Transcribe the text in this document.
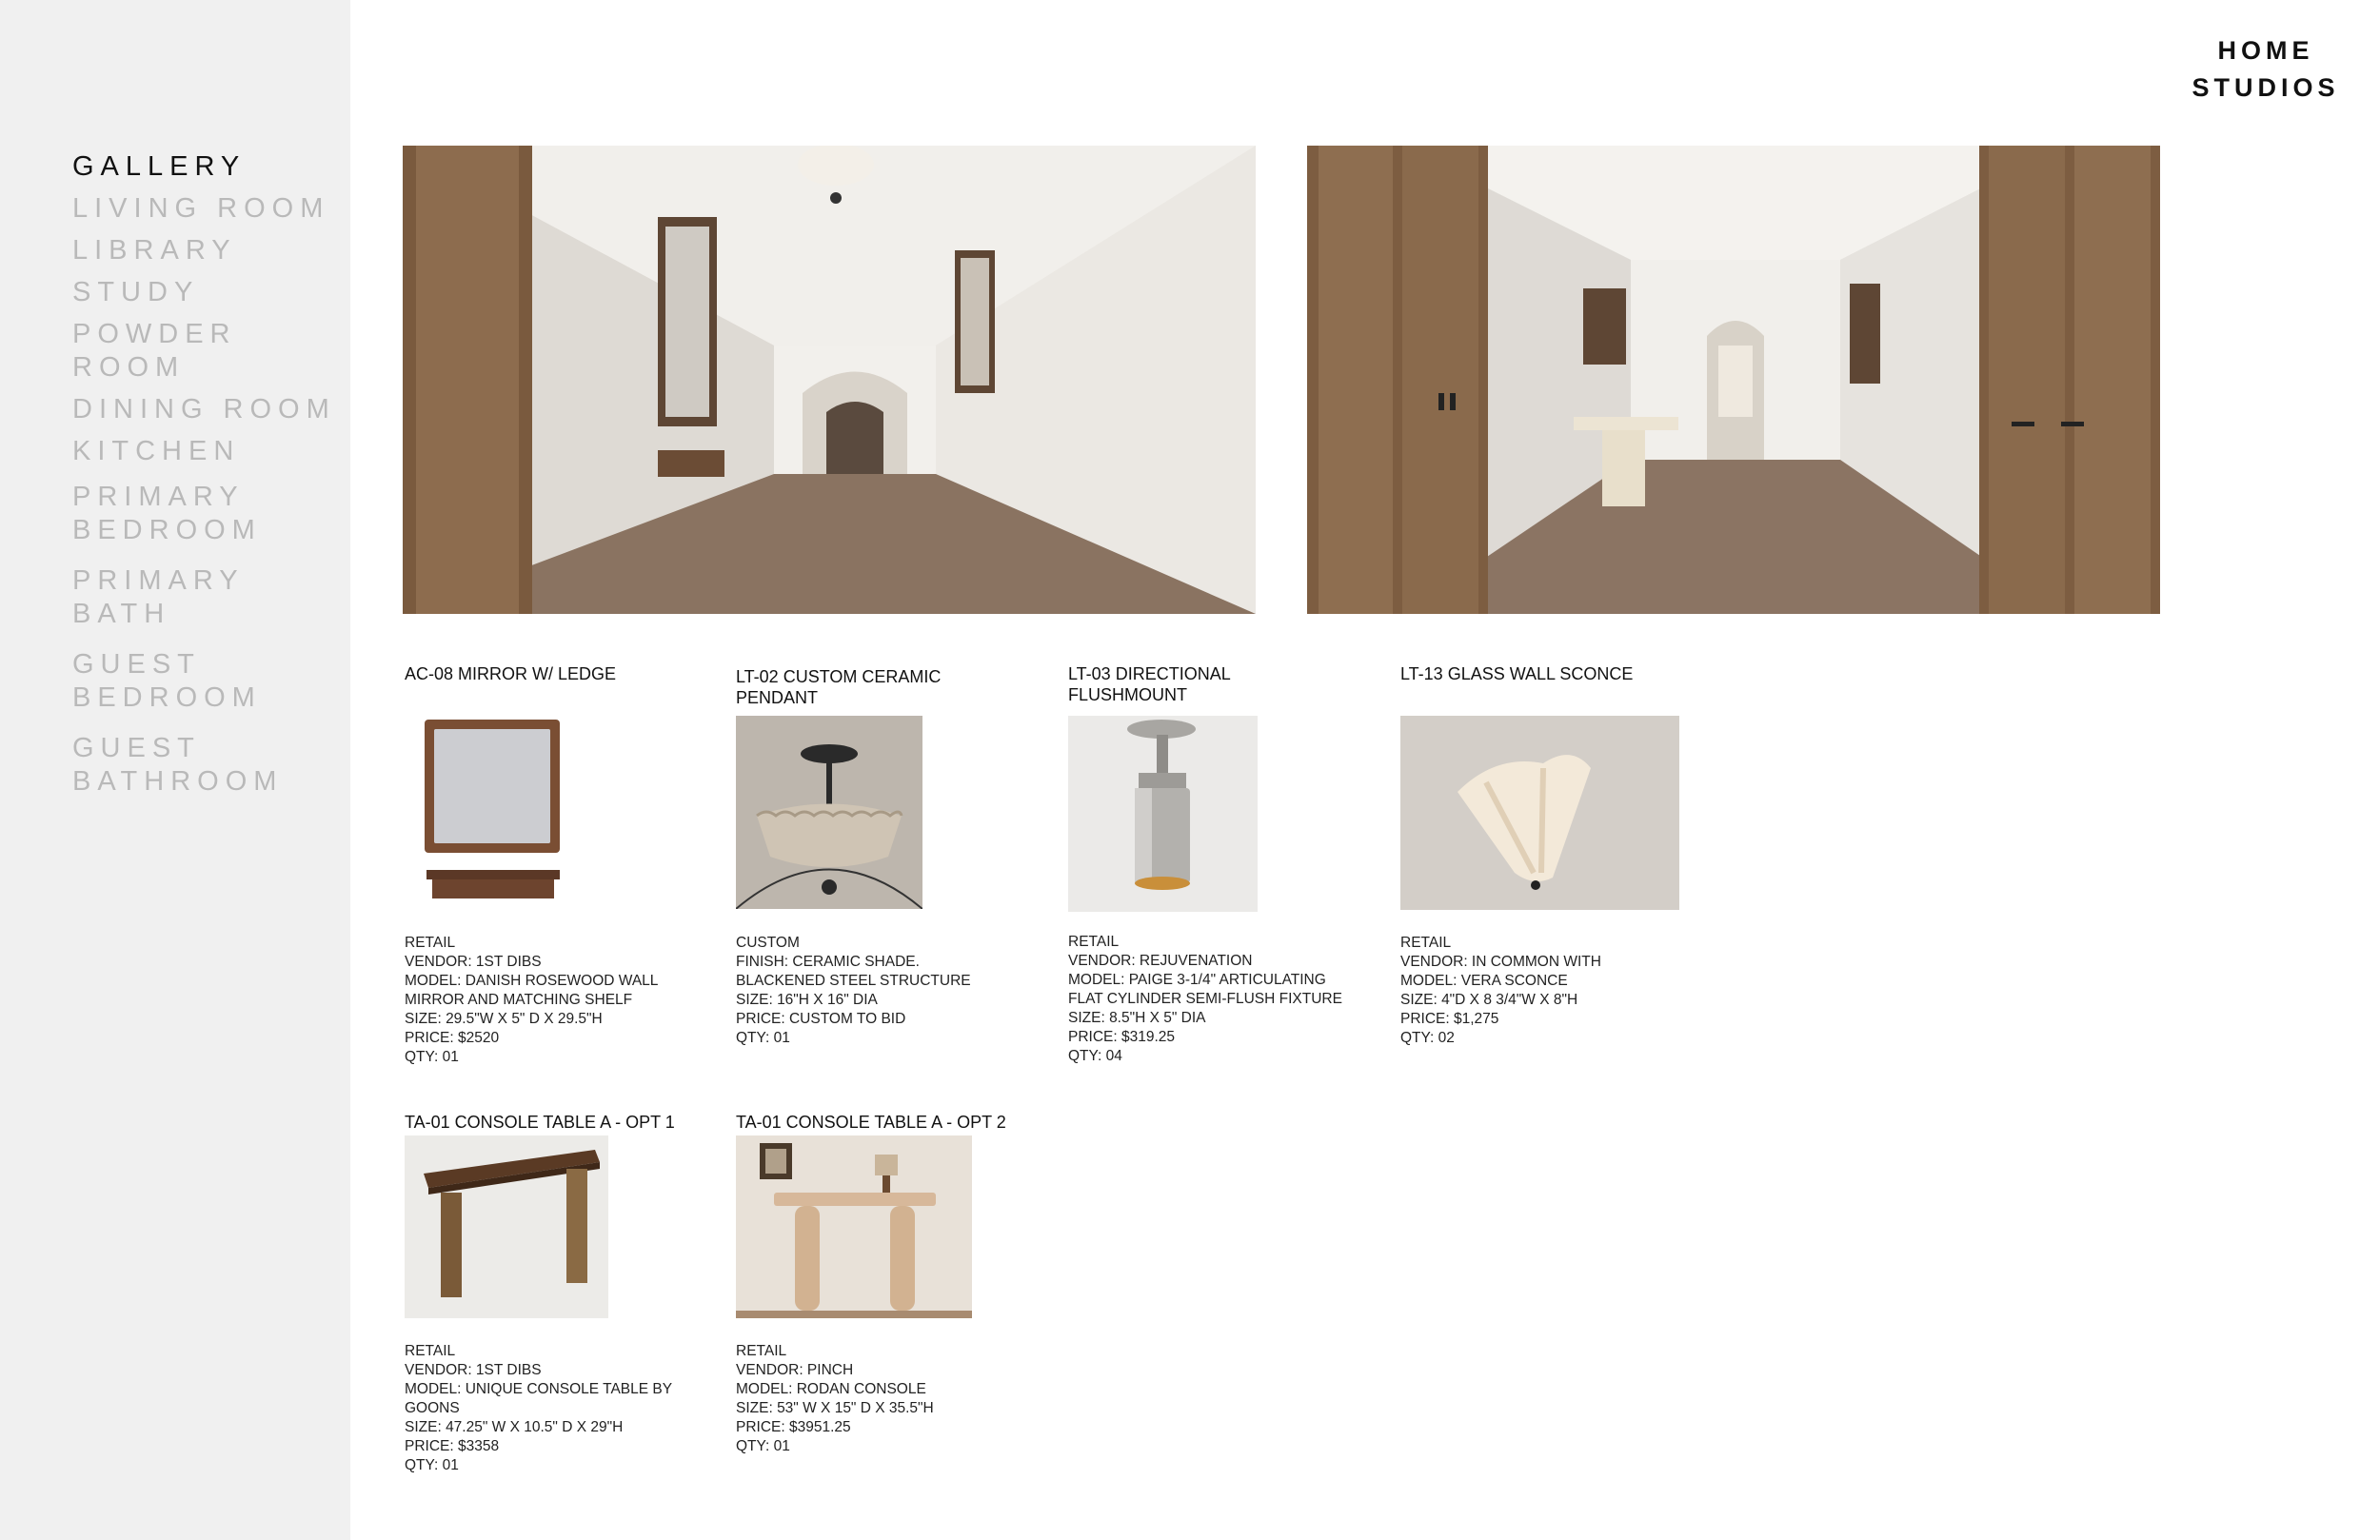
GALLERY
LIVING ROOM
LIBRARY
STUDY
POWDER ROOM
DINING ROOM
KITCHEN
PRIMARY
BEDROOM
PRIMARY
BATH
GUEST
BEDROOM
GUEST
BATHROOM
HOME
STUDIOS
AC-08 MIRROR W/ LEDGE
RETAIL
VENDOR: 1ST DIBS
MODEL: DANISH ROSEWOOD WALL
MIRROR AND MATCHING SHELF
SIZE: 29.5"W X 5" D X 29.5"H
PRICE: $2520
QTY: 01
LT-02 CUSTOM CERAMIC PENDANT
CUSTOM
FINISH: CERAMIC SHADE.
BLACKENED STEEL STRUCTURE
SIZE: 16"H X 16" DIA
PRICE: CUSTOM TO BID
QTY: 01
LT-03 DIRECTIONAL FLUSHMOUNT
RETAIL
VENDOR: REJUVENATION
MODEL: PAIGE 3-1/4" ARTICULATING
FLAT CYLINDER SEMI-FLUSH FIXTURE
SIZE: 8.5"H X 5" DIA
PRICE: $319.25
QTY: 04
LT-13 GLASS WALL SCONCE
RETAIL
VENDOR: IN COMMON WITH
MODEL: VERA SCONCE
SIZE: 4"D X 8 3/4"W X 8"H
PRICE: $1,275
QTY: 02
TA-01 CONSOLE TABLE A - OPT 1
RETAIL
VENDOR: 1ST DIBS
MODEL: UNIQUE CONSOLE TABLE BY
GOONS
SIZE: 47.25" W X 10.5" D X 29"H
PRICE: $3358
QTY: 01
TA-01 CONSOLE TABLE A - OPT 2
RETAIL
VENDOR: PINCH
MODEL: RODAN CONSOLE
SIZE: 53" W X 15" D X 35.5"H
PRICE: $3951.25
QTY: 01
